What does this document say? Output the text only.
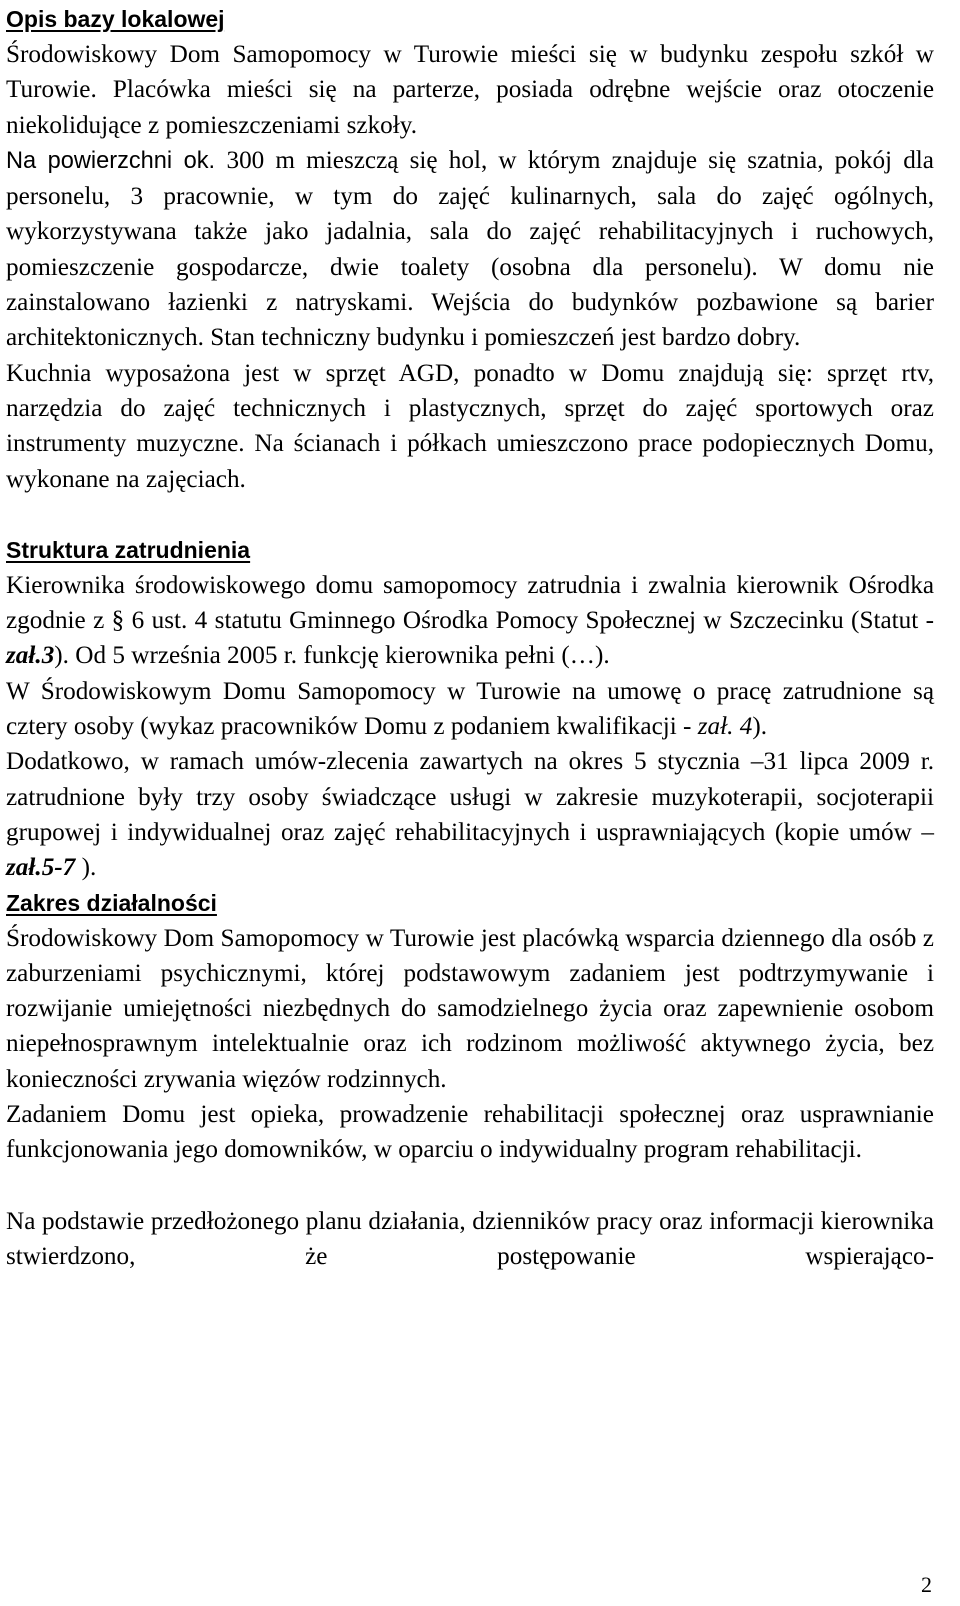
Opis bazy lokalowej

Środowiskowy Dom Samopomocy w Turowie mieści się w budynku zespołu szkół w Turowie. Placówka mieści się na parterze, posiada odrębne wejście oraz otoczenie niekolidujące z pomieszczeniami szkoły.

Na powierzchni ok. 300 m mieszczą się hol, w którym znajduje się szatnia, pokój dla personelu, 3 pracownie, w tym do zajęć kulinarnych, sala do zajęć ogólnych, wykorzystywana także jako jadalnia, sala do zajęć rehabilitacyjnych i ruchowych, pomieszczenie gospodarcze, dwie toalety (osobna dla personelu). W domu nie zainstalowano łazienki z natryskami. Wejścia do budynków pozbawione są barier architektonicznych. Stan techniczny budynku i pomieszczeń jest bardzo dobry.

Kuchnia wyposażona jest w sprzęt AGD, ponadto w Domu znajdują się: sprzęt rtv, narzędzia do zajęć technicznych i plastycznych, sprzęt do zajęć sportowych oraz instrumenty muzyczne. Na ścianach i półkach umieszczono prace podopiecznych Domu, wykonane na zajęciach.

Struktura zatrudnienia

Kierownika środowiskowego domu samopomocy zatrudnia i zwalnia kierownik Ośrodka zgodnie z § 6 ust. 4 statutu Gminnego Ośrodka Pomocy Społecznej w Szczecinku (Statut - zał.3). Od 5 września 2005 r. funkcję kierownika pełni (…).

W Środowiskowym Domu Samopomocy w Turowie na umowę o pracę zatrudnione są cztery osoby (wykaz pracowników Domu z podaniem kwalifikacji - zał. 4).

Dodatkowo, w ramach umów-zlecenia zawartych na okres 5 stycznia –31 lipca 2009 r. zatrudnione były trzy osoby świadczące usługi w zakresie muzykoterapii, socjoterapii grupowej i indywidualnej oraz zajęć rehabilitacyjnych i usprawniających (kopie umów – zał.5-7 ).

Zakres działalności

Środowiskowy Dom Samopomocy w Turowie jest placówką wsparcia dziennego dla osób z zaburzeniami psychicznymi, której podstawowym zadaniem jest podtrzymywanie i rozwijanie umiejętności niezbędnych do samodzielnego życia oraz zapewnienie osobom niepełnosprawnym intelektualnie oraz ich rodzinom możliwość aktywnego życia, bez konieczności zrywania więzów rodzinnych.

Zadaniem Domu jest opieka, prowadzenie rehabilitacji społecznej oraz usprawnianie funkcjonowania jego domowników, w oparciu o indywidualny program rehabilitacji.

Na podstawie przedłożonego planu działania, dzienników pracy oraz informacji kierownika stwierdzono, że postępowanie wspierająco-

2
